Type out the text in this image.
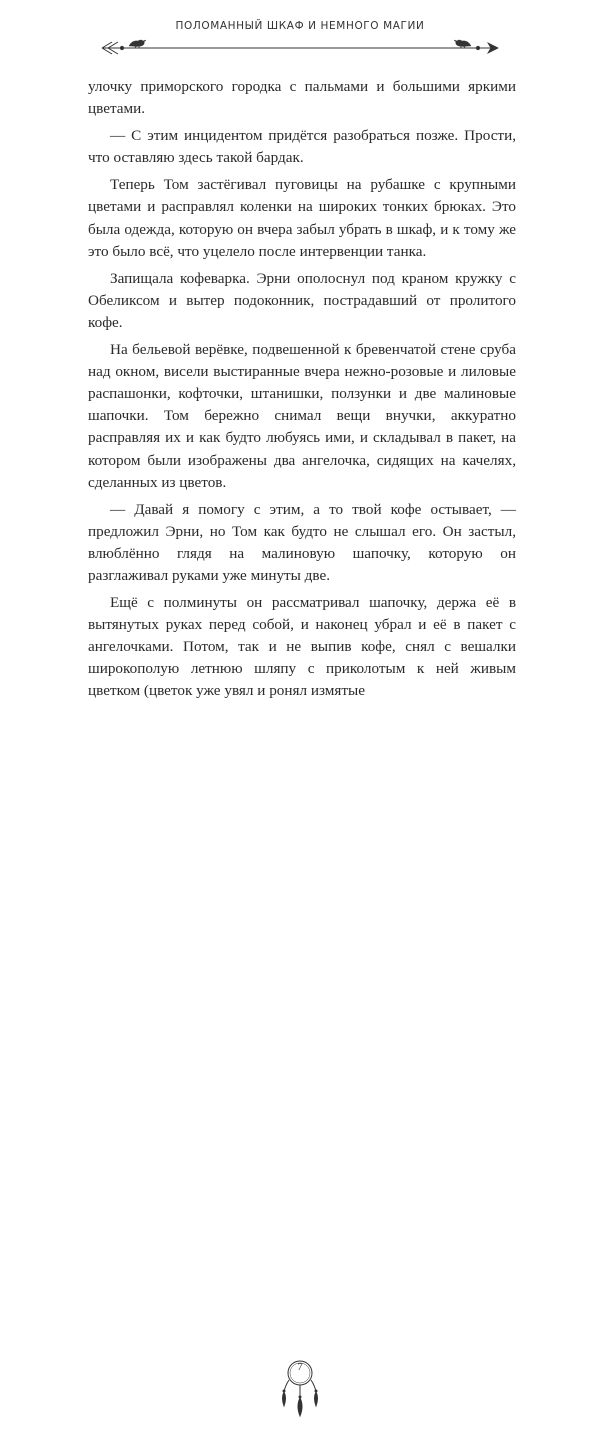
ПОЛОМАННЫЙ ШКАФ И НЕМНОГО МАГИИ

улочку приморского городка с пальмами и большими яркими цветами.

— С этим инцидентом придётся разобраться позже. Прости, что оставляю здесь такой бардак.

Теперь Том застёгивал пуговицы на рубашке с крупными цветами и расправлял коленки на широких тонких брюках. Это была одежда, которую он вчера забыл убрать в шкаф, и к тому же это было всё, что уцелело после интервенции танка.

Запищала кофеварка. Эрни ополоснул под краном кружку с Обеликсом и вытер подоконник, пострадавший от пролитого кофе.

На бельевой верёвке, подвешенной к бревенчатой стене сруба над окном, висели выстиранные вчера нежно-розовые и лиловые распашонки, кофточки, штанишки, ползунки и две малиновые шапочки. Том бережно снимал вещи внучки, аккуратно расправляя их и как будто любуясь ими, и складывал в пакет, на котором были изображены два ангелочка, сидящих на качелях, сделанных из цветов.

— Давай я помогу с этим, а то твой кофе остывает, — предложил Эрни, но Том как будто не слышал его. Он застыл, влюблённо глядя на малиновую шапочку, которую он разглаживал руками уже минуты две.

Ещё с полминуты он рассматривал шапочку, держа её в вытянутых руках перед собой, и наконец убрал и её в пакет с ангелочками. Потом, так и не выпив кофе, снял с вешалки широкополую летнюю шляпу с приколотым к ней живым цветком (цветок уже увял и ронял измятые

7
